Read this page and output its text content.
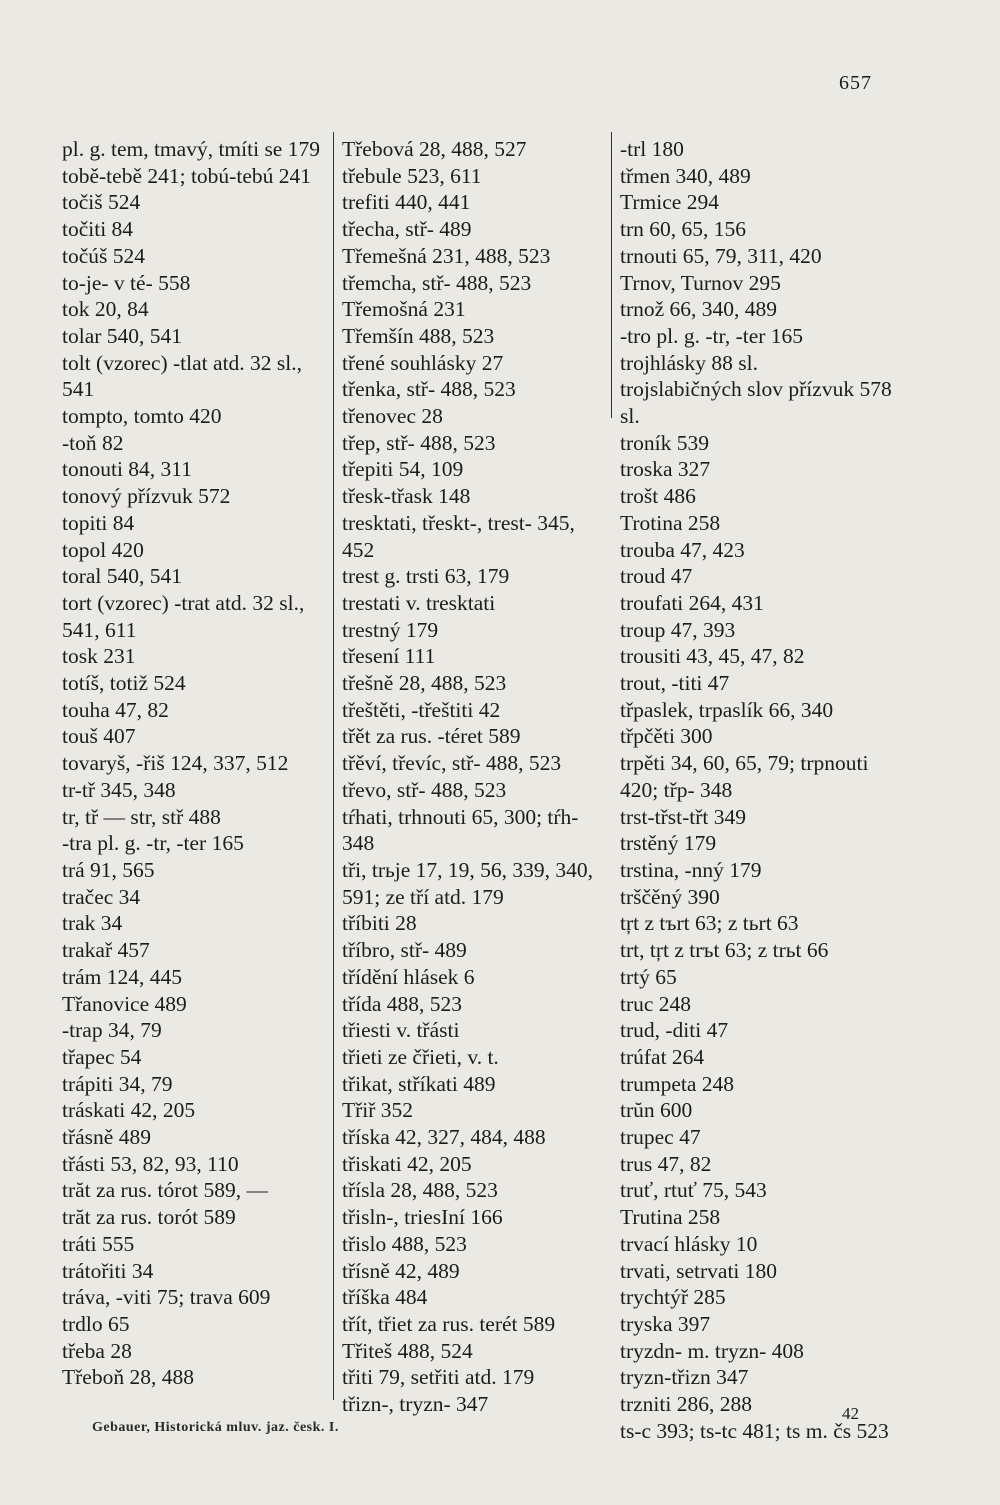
657
pl. g. tem, tmavý, tmíti se 179
tobě-tebě 241; tobú-tebú 241
točiš 524
točiti 84
točúš 524
to-je- v té- 558
tok 20, 84
tolar 540, 541
tolt (vzorec) -tlat atd. 32 sl., 541
tompto, tomto 420
-toň 82
tonouti 84, 311
tonový přízvuk 572
topiti 84
topol 420
toral 540, 541
tort (vzorec) -trat atd. 32 sl., 541, 611
tosk 231
totíš, totiž 524
touha 47, 82
touš 407
tovaryš, -řiš 124, 337, 512
tr-tř 345, 348
tr, tř — str, stř 488
-tra pl. g. -tr, -ter 165
trá 91, 565
tračec 34
trak 34
trakař 457
trám 124, 445
Třanovice 489
-trap 34, 79
třapec 54
trápiti 34, 79
tráskati 42, 205
třásně 489
třásti 53, 82, 93, 110
trăt za rus. tórot 589, —
trăt za rus. torót 589
tráti 555
trátořiti 34
tráva, -viti 75; trava 609
trdlo 65
třeba 28
Třeboň 28, 488
Třebová 28, 488, 527
třebule 523, 611
trefiti 440, 441
třecha, stř- 489
Třemešná 231, 488, 523
třemcha, stř- 488, 523
Třemošná 231
Třemšín 488, 523
třené souhlásky 27
třenka, stř- 488, 523
třenovec 28
třep, stř- 488, 523
třepiti 54, 109
třesk-třask 148
tresktati, třeskt-, trest- 345, 452
trest g. trsti 63, 179
trestati v. tresktati
trestný 179
třesení 111
třešně 28, 488, 523
třeštěti, -třeštiti 42
třět za rus. -téret 589
třěví, třevíc, stř- 488, 523
třevo, stř- 488, 523
tŕhati, trhnouti 65, 300; tŕh- 348
tři, trьje 17, 19, 56, 339, 340, 591; ze tří atd. 179
tříbiti 28
tříbro, stř- 489
třídění hlásek 6
třída 488, 523
třiesti v. třásti
třieti ze čřieti, v. t.
třikat, stříkati 489
Třiř 352
tříska 42, 327, 484, 488
třiskati 42, 205
třísla 28, 488, 523
třisln-, triesIní 166
třislo 488, 523
třísně 42, 489
tříška 484
třít, třiet za rus. terét 589
Třiteš 488, 524
třiti 79, setřiti atd. 179
třizn-, tryzn- 347
-trl 180
třmen 340, 489
Trmice 294
trn 60, 65, 156
trnouti 65, 79, 311, 420
Trnov, Turnov 295
trnož 66, 340, 489
-tro pl. g. -tr, -ter 165
trojhlásky 88 sl.
trojslabičných slov přízvuk 578 sl.
troník 539
troska 327
trošt 486
Trotina 258
trouba 47, 423
troud 47
troufati 264, 431
troup 47, 393
trousiti 43, 45, 47, 82
trout, -titi 47
třpaslek, trpaslík 66, 340
třpčěti 300
trpěti 34, 60, 65, 79; trpnouti 420; třp- 348
trst-třst-třt 349
trstěný 179
trstina, -nný 179
trščěný 390
tŗt z tъrt 63; z tьrt 63
trt, tŗt z trъt 63; z trьt 66
trtý 65
truc 248
trud, -diti 47
trúfat 264
trumpeta 248
trŭn 600
trupec 47
trus 47, 82
truť, rtuť 75, 543
Trutina 258
trvací hlásky 10
trvati, setrvati 180
trychtýř 285
tryska 397
tryzdn- m. tryzn- 408
tryzn-třizn 347
trzniti 286, 288
ts-c 393; ts-tc 481; ts m. čs 523
Gebauer, Historická mluv. jaz. česk. I.
42
